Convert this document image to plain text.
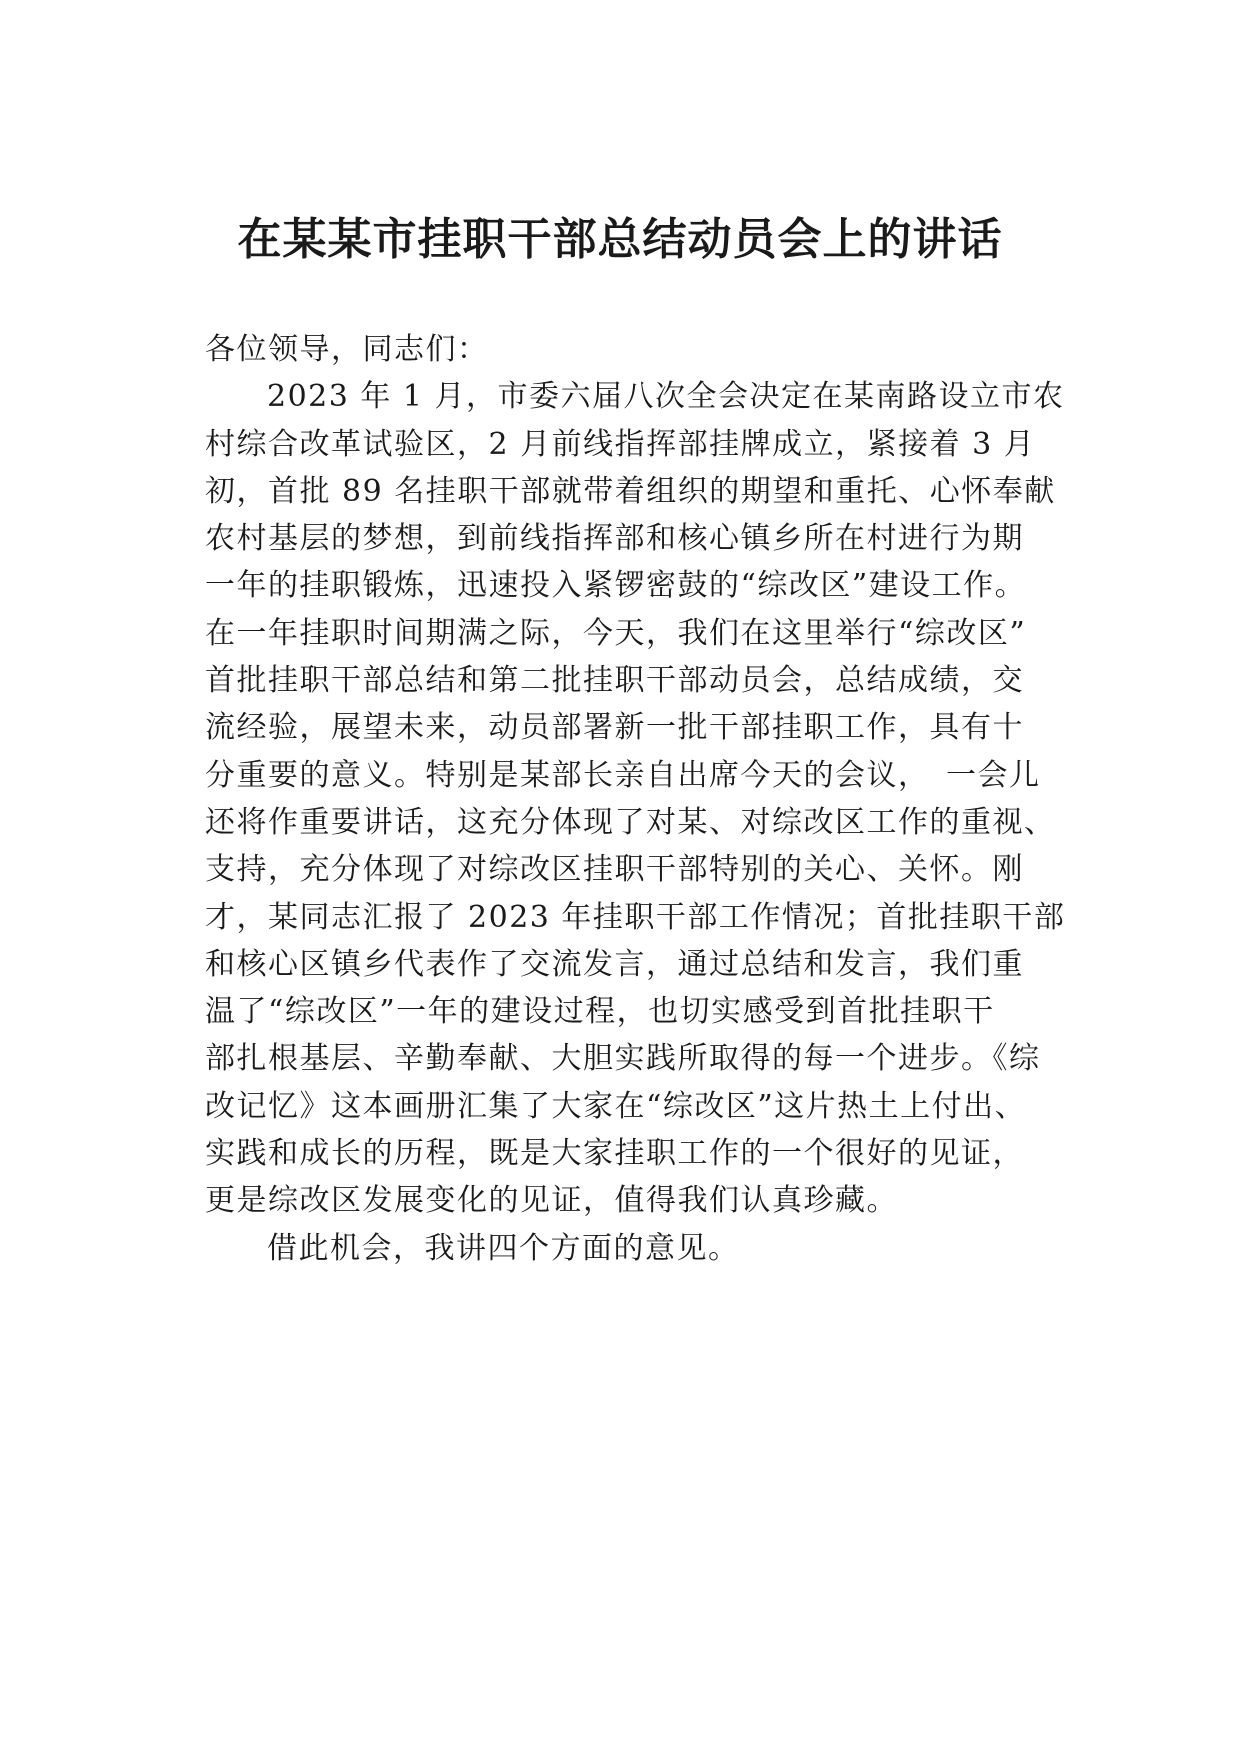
在某某市挂职干部总结动员会上的讲话
各位领导，同志们：
2023 年 1 月，市委六届八次全会决定在某南路设立市农
村综合改革试验区，2 月前线指挥部挂牌成立，紧接着 3 月
初，首批 89 名挂职干部就带着组织的期望和重托、心怀奉献
农村基层的梦想，到前线指挥部和核心镇乡所在村进行为期
一年的挂职锻炼，迅速投入紧锣密鼓的“综改区”建设工作。
在一年挂职时间期满之际，今天，我们在这里举行“综改区”
首批挂职干部总结和第二批挂职干部动员会，总结成绩，交
流经验，展望未来，动员部署新一批干部挂职工作，具有十
分重要的意义。特别是某部长亲自出席今天的会议，　一会儿
还将作重要讲话，这充分体现了对某、对综改区工作的重视、
支持，充分体现了对综改区挂职干部特别的关心、关怀。刚
才，某同志汇报了 2023 年挂职干部工作情况；首批挂职干部
和核心区镇乡代表作了交流发言，通过总结和发言，我们重
温了“综改区”一年的建设过程，也切实感受到首批挂职干
部扎根基层、辛勤奉献、大胆实践所取得的每一个进步。《综
改记忆》这本画册汇集了大家在“综改区”这片热土上付出、
实践和成长的历程，既是大家挂职工作的一个很好的见证，
更是综改区发展变化的见证，值得我们认真珍藏。
借此机会，我讲四个方面的意见。
